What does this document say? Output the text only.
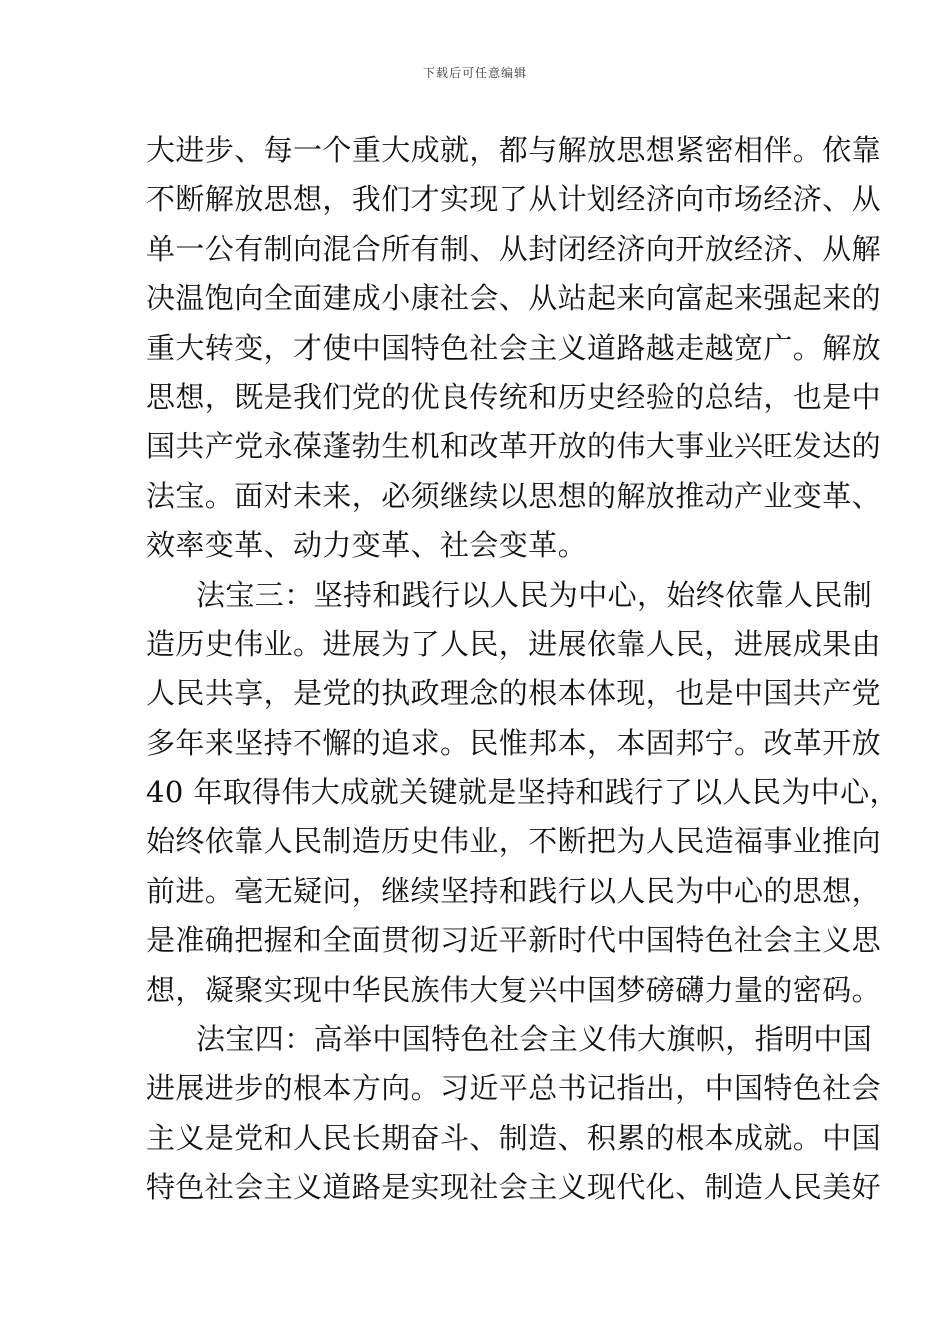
下载后可任意编辑
大进步、每一个重大成就，都与解放思想紧密相伴。依靠
不断解放思想，我们才实现了从计划经济向市场经济、从
单一公有制向混合所有制、从封闭经济向开放经济、从解
决温饱向全面建成小康社会、从站起来向富起来强起来的
重大转变，才使中国特色社会主义道路越走越宽广。解放
思想，既是我们党的优良传统和历史经验的总结，也是中
国共产党永葆蓬勃生机和改革开放的伟大事业兴旺发达的
法宝。面对未来，必须继续以思想的解放推动产业变革、
效率变革、动力变革、社会变革。
法宝三：坚持和践行以人民为中心，始终依靠人民制
造历史伟业。进展为了人民，进展依靠人民，进展成果由
人民共享，是党的执政理念的根本体现，也是中国共产党
多年来坚持不懈的追求。民惟邦本，本固邦宁。改革开放
40 年取得伟大成就关键就是坚持和践行了以人民为中心，
始终依靠人民制造历史伟业，不断把为人民造福事业推向
前进。毫无疑问，继续坚持和践行以人民为中心的思想，
是准确把握和全面贯彻习近平新时代中国特色社会主义思
想，凝聚实现中华民族伟大复兴中国梦磅礴力量的密码。
法宝四：高举中国特色社会主义伟大旗帜，指明中国
进展进步的根本方向。习近平总书记指出，中国特色社会
主义是党和人民长期奋斗、制造、积累的根本成就。中国
特色社会主义道路是实现社会主义现代化、制造人民美好
